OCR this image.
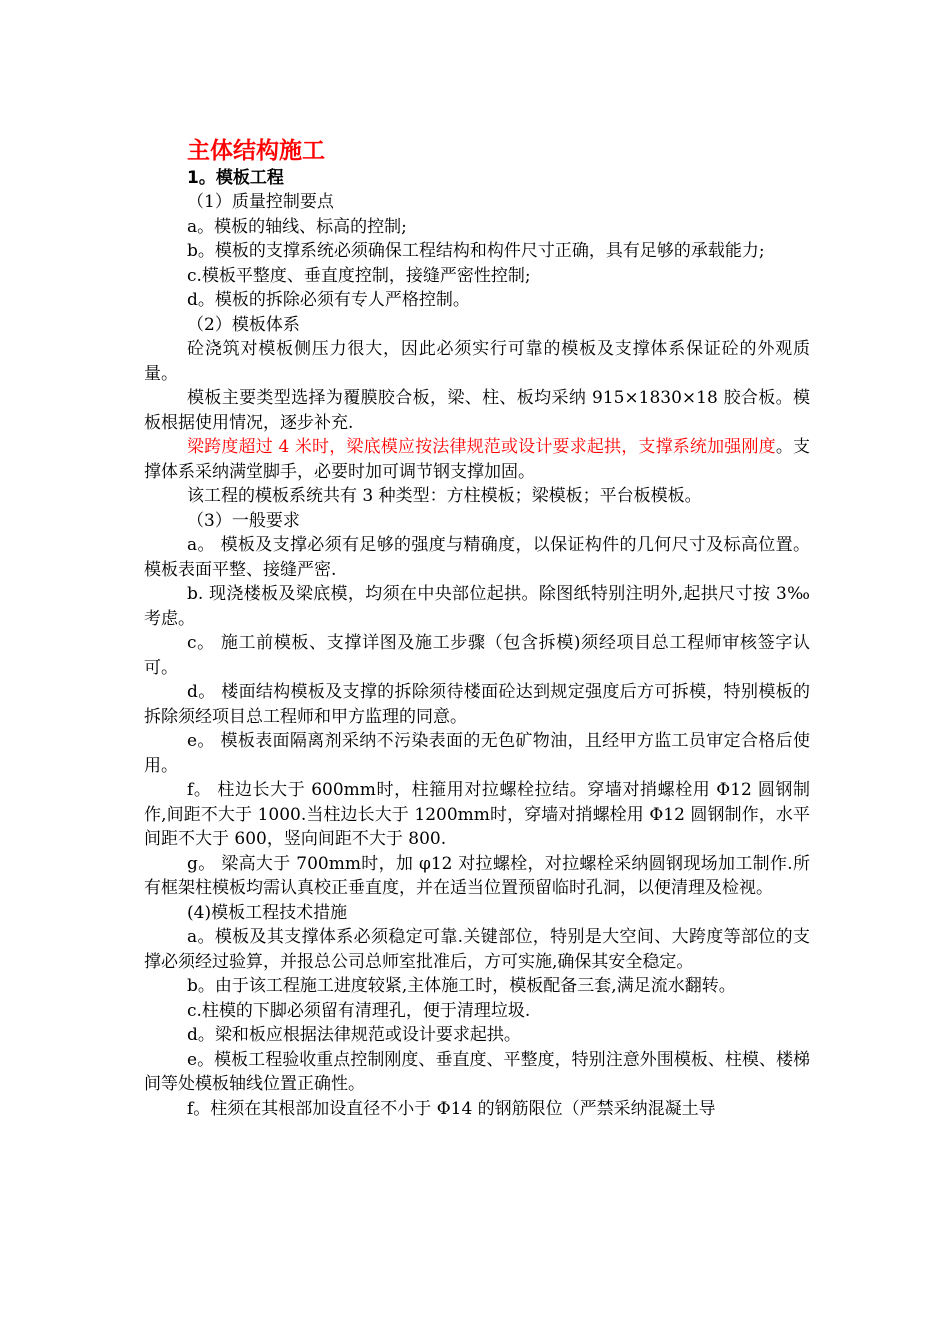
主体结构施工
1。模板工程
（1）质量控制要点
a。模板的轴线、标高的控制;
b。模板的支撑系统必须确保工程结构和构件尺寸正确，具有足够的承载能力;
c.模板平整度、垂直度控制，接缝严密性控制;
d。模板的拆除必须有专人严格控制。
（2）模板体系
砼浇筑对模板侧压力很大，因此必须实行可靠的模板及支撑体系保证砼的外观质量。
模板主要类型选择为覆膜胶合板，梁、柱、板均采纳 915×1830×18 胶合板。模板根据使用情况，逐步补充.
梁跨度超过 4 米时，梁底模应按法律规范或设计要求起拱，支撑系统加强刚度。支撑体系采纳满堂脚手，必要时加可调节钢支撑加固。
该工程的模板系统共有 3 种类型：方柱模板；梁模板；平台板模板。
（3）一般要求
a。 模板及支撑必须有足够的强度与精确度，以保证构件的几何尺寸及标高位置。模板表面平整、接缝严密.
b. 现浇楼板及梁底模，均须在中央部位起拱。除图纸特别注明外,起拱尺寸按 3‰考虑。
c。 施工前模板、支撑详图及施工步骤（包含拆模)须经项目总工程师审核签字认可。
d。 楼面结构模板及支撑的拆除须待楼面砼达到规定强度后方可拆模，特别模板的拆除须经项目总工程师和甲方监理的同意。
e。 模板表面隔离剂采纳不污染表面的无色矿物油，且经甲方监工员审定合格后使用。
f。 柱边长大于 600mm时，柱箍用对拉螺栓拉结。穿墙对捎螺栓用 Φ12 圆钢制作,间距不大于 1000.当柱边长大于 1200mm时，穿墙对捎螺栓用 Φ12 圆钢制作，水平间距不大于 600，竖向间距不大于 800.
g。 梁高大于 700mm时，加 φ12 对拉螺栓，对拉螺栓采纳圆钢现场加工制作.所有框架柱模板均需认真校正垂直度，并在适当位置预留临时孔洞，以便清理及检视。
(4)模板工程技术措施
a。模板及其支撑体系必须稳定可靠.关键部位，特别是大空间、大跨度等部位的支撑必须经过验算，并报总公司总师室批准后，方可实施,确保其安全稳定。
b。由于该工程施工进度较紧,主体施工时，模板配备三套,满足流水翻转。
c.柱模的下脚必须留有清理孔，便于清理垃圾.
d。梁和板应根据法律规范或设计要求起拱。
e。模板工程验收重点控制刚度、垂直度、平整度，特别注意外围模板、柱模、楼梯间等处模板轴线位置正确性。
f。柱须在其根部加设直径不小于 Φ14 的钢筋限位（严禁采纳混凝土导
